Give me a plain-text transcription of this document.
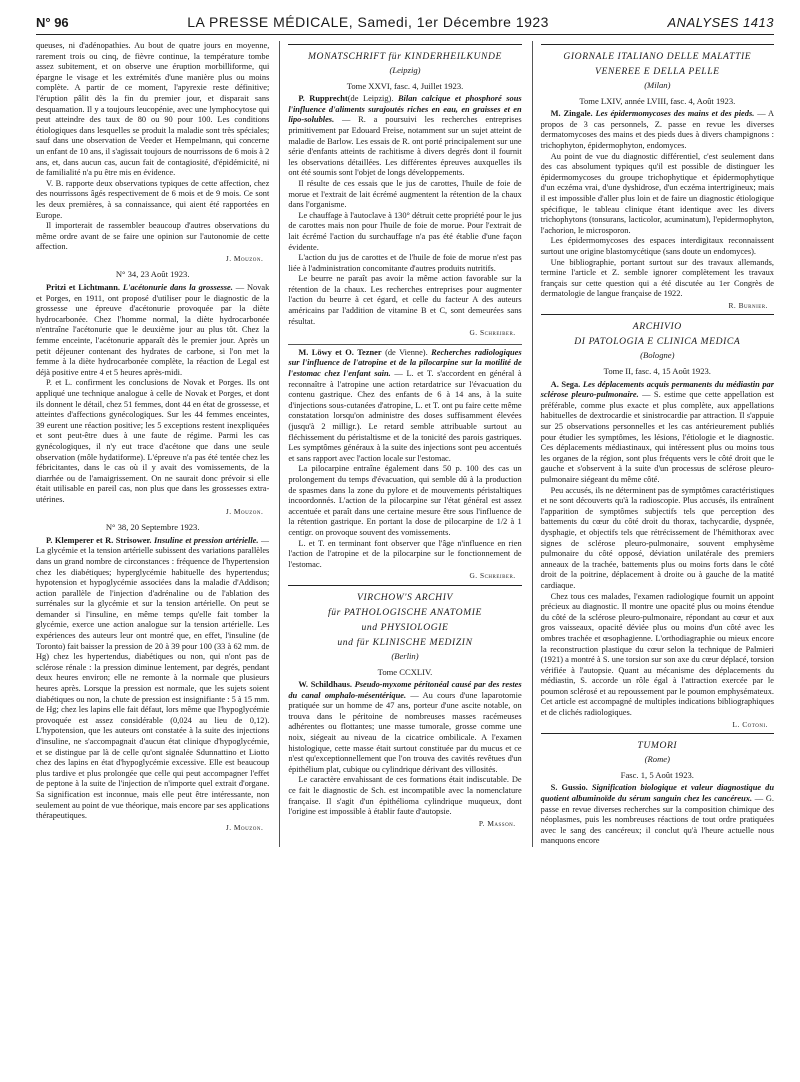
N° 96	LA PRESSE MÉDICALE, Samedi, 1er Décembre 1923	ANALYSES 1413

queuses, ni d'adénopathies. Au bout de quatre jours en moyenne, rarement trois ou cinq, de fièvre continue, la température tombe assez subitement, et on observe une éruption morbilliforme, qui épargne le visage et les extrémités d'une manière plus ou moins complète. A partir de ce moment, l'apyrexie reste définitive; l'éruption pâlit dès la fin du premier jour, et disparait sans desquamation. Il y a toujours leucopénie, avec une lymphocytose qui peut atteindre des taux de 80 ou 90 pour 100. Les conditions étiologiques dans lesquelles se produit la maladie sont très spéciales; sauf dans une observation de Veeder et Hempelmann, qui concerne un enfant de 10 ans, il s'agissait toujours de nourrissons de 6 mois à 2 ans, et, dans aucun cas, aucun fait de contagiosité, d'épidémicité, ni de familialité n'a pu être mis en évidence.

V. B. rapporte deux observations typiques de cette affection, chez des nourrissons âgés respectivement de 6 mois et de 9 mois. Ce sont les deux premières, à sa connaissance, qui aient été rapportées en Europe.

Il importerait de rassembler beaucoup d'autres observations du même ordre avant de se faire une opinion sur l'autonomie de cette affection.

J. Mouzon.
N° 34, 23 Août 1923.

Pritzi et Lichtmann. L'acétonurie dans la grossesse. — Novak et Porges, en 1911, ont proposé d'utiliser pour le diagnostic de la grossesse une épreuve d'acétonurie provoquée par la diète hydrocarbonée. Chez l'homme normal, la diète hydrocarbonée n'entraîne l'acétonurie que le deuxième jour au plus tôt. Chez la femme enceinte, l'acétonurie apparaît dès le premier jour. Après un petit déjeuner contenant des hydrates de carbone, si l'on met la femme à la diète hydrocarbonée complète, la réaction de Legal est déjà positive entre 4 et 5 heures après-midi.

P. et L. confirment les conclusions de Novak et Porges. Ils ont appliqué une technique analogue à celle de Novak et Porges, et dont ils donnent le détail, chez 51 femmes, dont 44 en état de grossesse, et atteintes d'affections gynécologiques. Sur les 44 femmes enceintes, 39 eurent une réaction positive; les 5 exceptions restent inexpliquées et sont peut-être dues à une faute de régime. Parmi les cas gynécologiques, il n'y eut trace d'acétone que dans une seule observation (môle hydatiforme). L'épreuve n'a pas été tentée chez les fébricitantes, dans le cas où il y avait des vomissements, de la diarrhée ou de l'amaigrissement. On ne saurait donc prévoir si elle était utilisable en pareil cas, non plus que dans les grossesses extra-utérines.

J. Mouzon.
N° 38, 20 Septembre 1923.

P. Klemperer et R. Strisower. Insuline et pression artérielle. — La glycémie et la tension artérielle subissent des variations parallèles dans un grand nombre de circonstances : fréquence de l'hypertension chez les diabétiques; hyperglycémie habituelle des hypertendus; hypotension et hypoglycémie associées dans la maladie d'Addison; action parallèle de l'injection d'adrénaline ou de l'ablation des surrénales sur la glycémie et sur la tension artérielle. On peut se demander si l'insuline, en même temps qu'elle fait tomber la glycémie, exerce une action analogue sur la tension artérielle. Les expériences des auteurs leur ont montré que, en effet, l'insuline (de Toronto) fait baisser la pression de 20 à 39 pour 100 (33 à 62 mm. de Hg) chez les hypertendus, diabétiques ou non, qui n'ont pas de sclérose rénale : la pression diminue lentement, par degrés, pendant deux heures environ; elle ne remonte à la normale que plusieurs heures après. Lorsque la pression est normale, que les sujets soient diabétiques ou non, la chute de pression est insignifiante : 5 à 15 mm. de Hg; chez les lapins elle fait défaut, lors même que l'hypoglycémie provoquée est assez considérable (0,024 au lieu de 0,12). L'hypotension, que les auteurs ont constatée à la suite des injections d'insuline, ne s'accompagnait d'aucun état clinique d'hypoglycémie, et se distingue par là de celle qu'ont signalée Sdunnattino et Liotto chez des lapins en état d'hypoglycémie excessive. Elle est beaucoup plus tardive et plus prolongée que celle qui peut accompagner l'effet de peptone à la suite de l'injection de n'importe quel extrait d'organe. Sa signification est inconnue, mais elle peut être intéressante, non seulement au point de vue théorique, mais encore par ses applications thérapeutiques.

J. Mouzon.
MONATSCHRIFT für KINDERHEILKUNDE
(Leipzig)
Tome XXVI, fasc. 4, Juillet 1923.

P. Rupprecht(de Leipzig). Bilan calcique et phosphoré sous l'influence d'aliments surajoutés riches en eau, en graisses et en lipo-solubles. — R. a poursuivi les recherches entreprises primitivement par Edouard Freise, notamment sur un sujet atteint de maladie de Barlow. Les essais de R. ont porté principalement sur une série d'enfants atteints de rachitisme à divers degrés dont il fournit les observations détaillées. Les différentes épreuves auxquelles ils ont été soumis sont l'objet de longs développements.

Il résulte de ces essais que le jus de carottes, l'huile de foie de morue et l'extrait de lait écrémé augmentent la rétention de la chaux dans l'organisme.

Le chauffage à l'autoclave à 130° détruit cette propriété pour le jus de carottes mais non pour l'huile de foie de morue. Pour l'extrait de lait écrémé l'action du surchauffage n'a pas été établie d'une façon évidente.

L'action du jus de carottes et de l'huile de foie de morue n'est pas liée à l'administration concomitante d'autres produits nutritifs.

Le beurre ne paraît pas avoir la même action favorable sur la rétention de la chaux. Les recherches entreprises pour augmenter l'action du beurre à cet égard, et celle du facteur A des auteurs américains par l'addition de vitamine B et C, sont demeurées sans résultat.

G. Schreiber.

M. Löwy et O. Tezner (de Vienne). Recherches radiologiques sur l'influence de l'atropine et de la pilocarpine sur la motilité de l'estomac chez l'enfant sain. — L. et T. s'accordent en général à reconnaître à l'atropine une action retardatrice sur l'évacuation du contenu gastrique. Chez des enfants de 6 à 14 ans, à la suite d'injections sous-cutanées d'atropine, L. et T. ont pu faire cette même constatation lorsqu'on administre des doses suffisamment élevées (jusqu'à 2 milligr.). Le retard semble attribuable surtout au fléchissement du péristaltisme et de la tonicité des parois gastriques. Les symptômes généraux à la suite des injections sont peu accentués et sans rapport avec l'action locale sur l'estomac.

La pilocarpine entraîne également dans 50 p. 100 des cas un prolongement du temps d'évacuation, qui semble dû à la production de spasmes dans la zone du pylore et de mouvements péristaltiques incoordonnés. L'action de la pilocarpine sur l'état général est assez accentuée et paraît dans une certaine mesure être sous l'influence de la rétention gastrique. En portant la dose de pilocarpine de 1/2 à 1 centigr. on provoque souvent des vomissements.

L. et T. en terminant font observer que l'âge n'influence en rien l'action de l'atropine et de la pilocarpine sur le fonctionnement de l'estomac.

G. Schreiber.
VIRCHOW'S ARCHIV
für PATHOLOGISCHE ANATOMIE
und PHYSIOLOGIE
und für KLINISCHE MEDIZIN
(Berlin)
Tome CCXLIV.

W. Schildhaus. Pseudo-myxome péritonéal causé par des restes du canal omphalo-mésentérique. — Au cours d'une laparotomie pratiquée sur un homme de 47 ans, porteur d'une ascite notable, on trouva dans le péritoine de nombreuses masses racémeuses adhérentes ou flottantes; une masse tumorale, grosse comme une noix, siégeait au niveau de la cicatrice ombilicale. A l'examen histologique, cette masse était surtout constituée par du mucus et ce n'est qu'exceptionnellement que l'on trouva des cavités revêtues d'un épithélium plat, cubique ou cylindrique dérivant des villosités.

Le caractère envahissant de ces formations était indiscutable. De ce fait le diagnostic de Sch. est incompatible avec la nomenclature française. Il s'agit d'un épithélioma cylindrique muqueux, dont l'origine est impossible à établir faute d'autopsie.

P. Masson.
GIORNALE ITALIANO DELLE MALATTIE
VENEREE E DELLA PELLE
(Milan)
Tome LXIV, année LVIII, fasc. 4, Août 1923.

M. Zingale. Les épidermomycoses des mains et des pieds. — A propos de 3 cas personnels, Z. passe en revue les diverses dermatomycoses des mains et des pieds dues à divers champignons : trichophyton, épidermophyton, endomyces.

Au point de vue du diagnostic différentiel, c'est seulement dans des cas absolument typiques qu'il est possible de distinguer les épidermomycoses du groupe trichophytique et épidermophytique d'un eczéma vrai, d'une dyshidrose, d'un eczéma intertrigineux; mais il est impossible d'aller plus loin et de faire un diagnostic étiologique spécifique, le tableau clinique étant identique avec les divers trichophytons (tonsurans, lacticolor, acuminatum), l'epidermophyton, l'achorion, le microsporon.

Les épidermomycoses des espaces interdigitaux reconnaissent surtout une origine blastomycétique (sans doute un endomyces).

Une bibliographie, portant surtout sur des travaux allemands, termine l'article et Z. semble ignorer complètement les travaux français sur cette question qui a été discutée au 1er Congrès de dermatologie de langue française de 1922.

R. Burnier.
ARCHIVIO
DI PATOLOGIA E CLINICA MEDICA
(Bologne)
Tome II, fasc. 4, 15 Août 1923.

A. Sega. Les déplacements acquis permanents du médiastin par sclérose pleuro-pulmonaire. — S. estime que cette appellation est préférable, comme plus exacte et plus complète, aux appellations habituelles de dextrocardie et sinistrocardie par attraction. Il s'appuie sur 25 observations personnelles et les cas antérieurement publiés pour étudier les symptômes, les lésions, l'étiologie et le diagnostic. Ces déplacements médiastinaux, qui intéressent plus ou moins tous les organes de la région, sont plus fréquents vers le côté droit que le gauche et s'observent à la suite d'un processus de sclérose pleuro-pulmonaire siégeant du même côté.

Peu accusés, ils ne déterminent pas de symptômes caractéristiques et ne sont découverts qu'à la radioscopie. Plus accusés, ils entraînent l'apparition de symptômes subjectifs tels que perception des battements du cœur du côté droit du thorax, tachycardie, dyspnée, dysphagie, et objectifs tels que rétrécissement de l'hémithorax avec signes de sclérose pleuro-pulmonaire, souvent emphysème pulmonaire du côté opposé, déviation unilatérale des premiers anneaux de la trachée, battements plus ou moins forts dans le côté droit de la poitrine, déplacement à droite ou à gauche de la matité cardiaque.

Chez tous ces malades, l'examen radiologique fournit un appoint précieux au diagnostic. Il montre une opacité plus ou moins étendue du côté de la sclérose pleuro-pulmonaire, répondant au cœur et aux gros vaisseaux, opacité déviée plus ou moins d'un côté avec les ombres trachée et œsophagienne. L'orthodiagraphie ou mieux encore la reconstruction plastique du cœur selon la technique de Palmieri (1921) a montré à S. une torsion sur son axe du cœur déplacé, torsion vérifiée à l'autopsie. Quant au mécanisme des déplacements du médiastin, S. accorde un rôle égal à l'attraction exercée par le poumon sclérosé et au repoussement par le poumon emphysémateux. Cet article est accompagné de multiples indications bibliographiques et de clichés radiologiques.

L. Cotoni.
TUMORI
(Rome)
Fasc. 1, 5 Août 1923.

S. Gussio. Signification biologique et valeur diagnostique du quotient albuminoïde du sérum sanguin chez les cancéreux. — G. passe en revue diverses recherches sur la composition chimique des néoplasmes, puis les nombreuses réactions de tout ordre pratiquées avec le sang des cancéreux; il conclut qu'à l'heure actuelle nous manquons encore
